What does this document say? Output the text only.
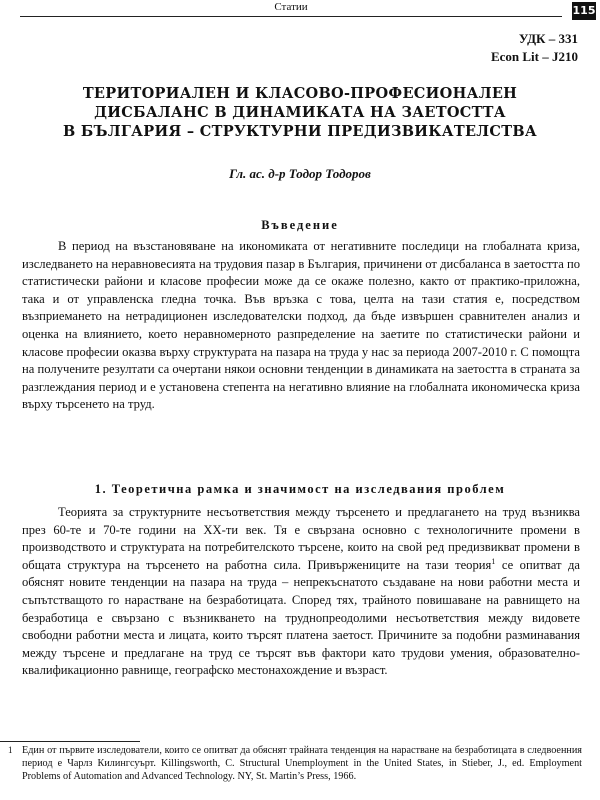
Статии	115
УДК – 331
Econ Lit – J210
ТЕРИТОРИАЛЕН И КЛАСОВО-ПРОФЕСИОНАЛЕН
ДИСБАЛАНС В ДИНАМИКАТА НА ЗАЕТОСТТА
В БЪЛГАРИЯ – СТРУКТУРНИ ПРЕДИЗВИКАТЕЛСТВА
Гл. ас. д-р Тодор Тодоров
Въведение

В период на възстановяване на икономиката от негативните последици на глобалната криза, изследването на неравновесията на трудовия пазар в България, причинени от дисбаланса в заетостта по статистически райони и класове професии може да се окаже полезно, както от практико-приложна, така и от управленска гледна точка. Във връзка с това, целта на тази статия е, посредством възприемането на нетрадиционен изследователски подход, да бъде извършен сравнителен анализ и оценка на влиянието, което неравномерното разпределение на заетите по статистически райони и класове професии оказва върху структурата на пазара на труда у нас за периода 2007-2010 г. С помощта на получените резултати са очертани някои основни тенденции в динамиката на заетостта в страната за разглеждания период и е установена степента на негативно влияние на глобалната икономическа криза върху търсенето на труд.

1. Теоретична рамка и значимост на изследвания проблем

Теорията за структурните несъответствия между търсенето и предлагането на труд възниква през 60-те и 70-те години на ХХ-ти век. Тя е свързана основно с технологичните промени в производството и структурата на потребителското търсене, които на свой ред предизвикват промени в общата структура на търсенето на работна сила. Привържениците на тази теория$^1$ се опитват да обяснят новите тенденции на пазара на труда – непрекъснатото създаване на нови работни места и съпътстващото го нарастване на безработицата. Според тях, трайното повишаване на равнището на безработица е свързано с възникването на труднопреодолими несъответствия между видовете свободни работни места и лицата, които търсят платена заетост. Причините за подобни разминавания между търсене и предлагане на труд се търсят във фактори като трудови умения, образователно-квалификационно равнище, географско местонахождение и възраст.

1 Един от първите изследователи, които се опитват да обяснят трайната тенденция на нарастване на безработицата в следвоенния период е Чарлз Килингсуърт. Killingsworth, C. Structural Unemployment in the United States, in Stieber, J., ed. Employment Problems of Automation and Advanced Technology. NY, St. Martin’s Press, 1966.
